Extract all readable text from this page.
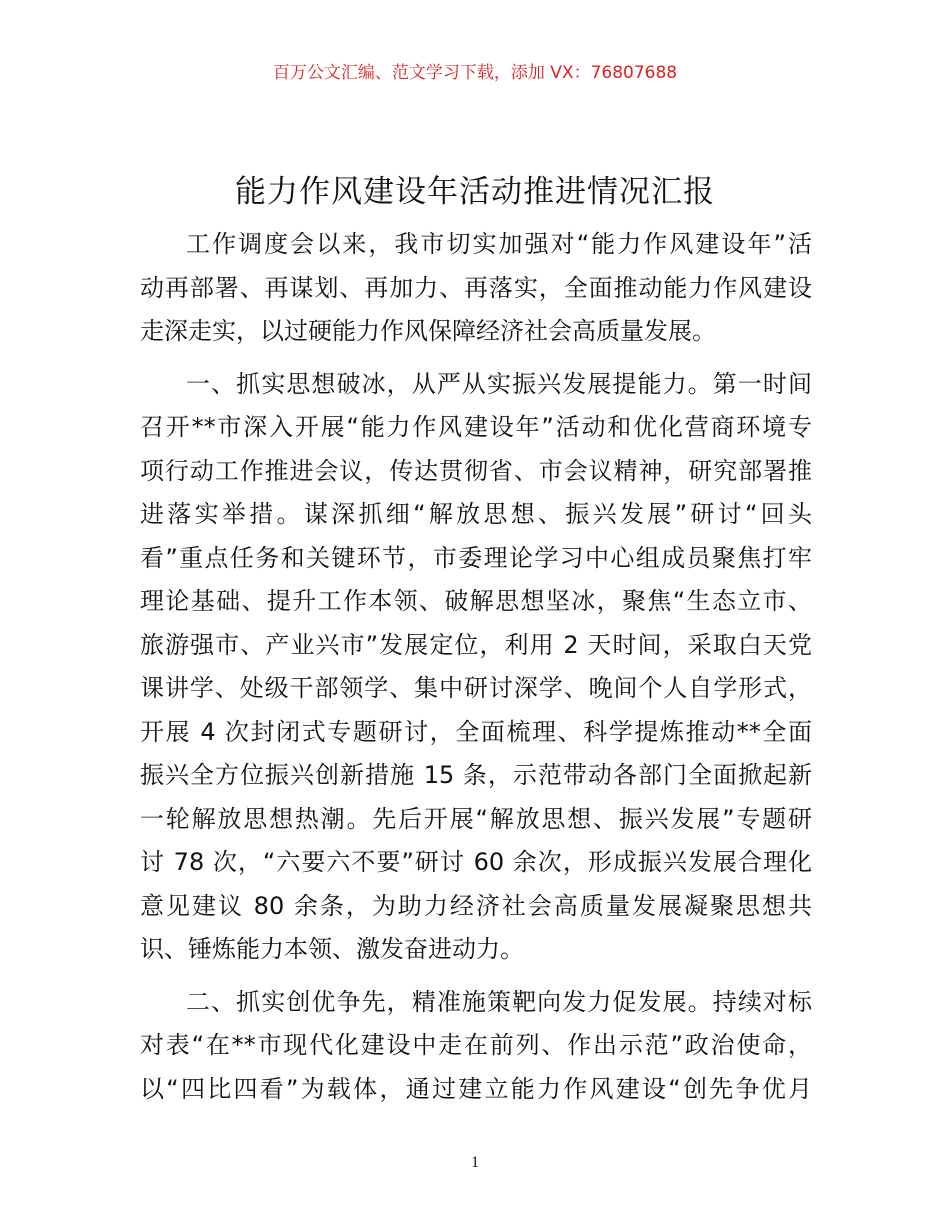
百万公文汇编、范文学习下载，添加 VX：76807688
能力作风建设年活动推进情况汇报
工作调度会以来，我市切实加强对“能力作风建设年”活
动再部署、再谋划、再加力、再落实，全面推动能力作风建设
走深走实，以过硬能力作风保障经济社会高质量发展。
一、抓实思想破冰，从严从实振兴发展提能力。第一时间
召开**市深入开展“能力作风建设年”活动和优化营商环境专
项行动工作推进会议，传达贯彻省、市会议精神，研究部署推
进落实举措。谋深抓细“解放思想、振兴发展”研讨“回头
看”重点任务和关键环节，市委理论学习中心组成员聚焦打牢
理论基础、提升工作本领、破解思想坚冰，聚焦“生态立市、
旅游强市、产业兴市”发展定位，利用 2 天时间，采取白天党
课讲学、处级干部领学、集中研讨深学、晚间个人自学形式，
开展 4 次封闭式专题研讨，全面梳理、科学提炼推动**全面
振兴全方位振兴创新措施 15 条，示范带动各部门全面掀起新
一轮解放思想热潮。先后开展“解放思想、振兴发展”专题研
讨 78 次，“六要六不要”研讨 60 余次，形成振兴发展合理化
意见建议 80 余条，为助力经济社会高质量发展凝聚思想共
识、锤炼能力本领、激发奋进动力。
二、抓实创优争先，精准施策靶向发力促发展。持续对标
对表“在**市现代化建设中走在前列、作出示范”政治使命，
以“四比四看”为载体，通过建立能力作风建设“创先争优月
1
